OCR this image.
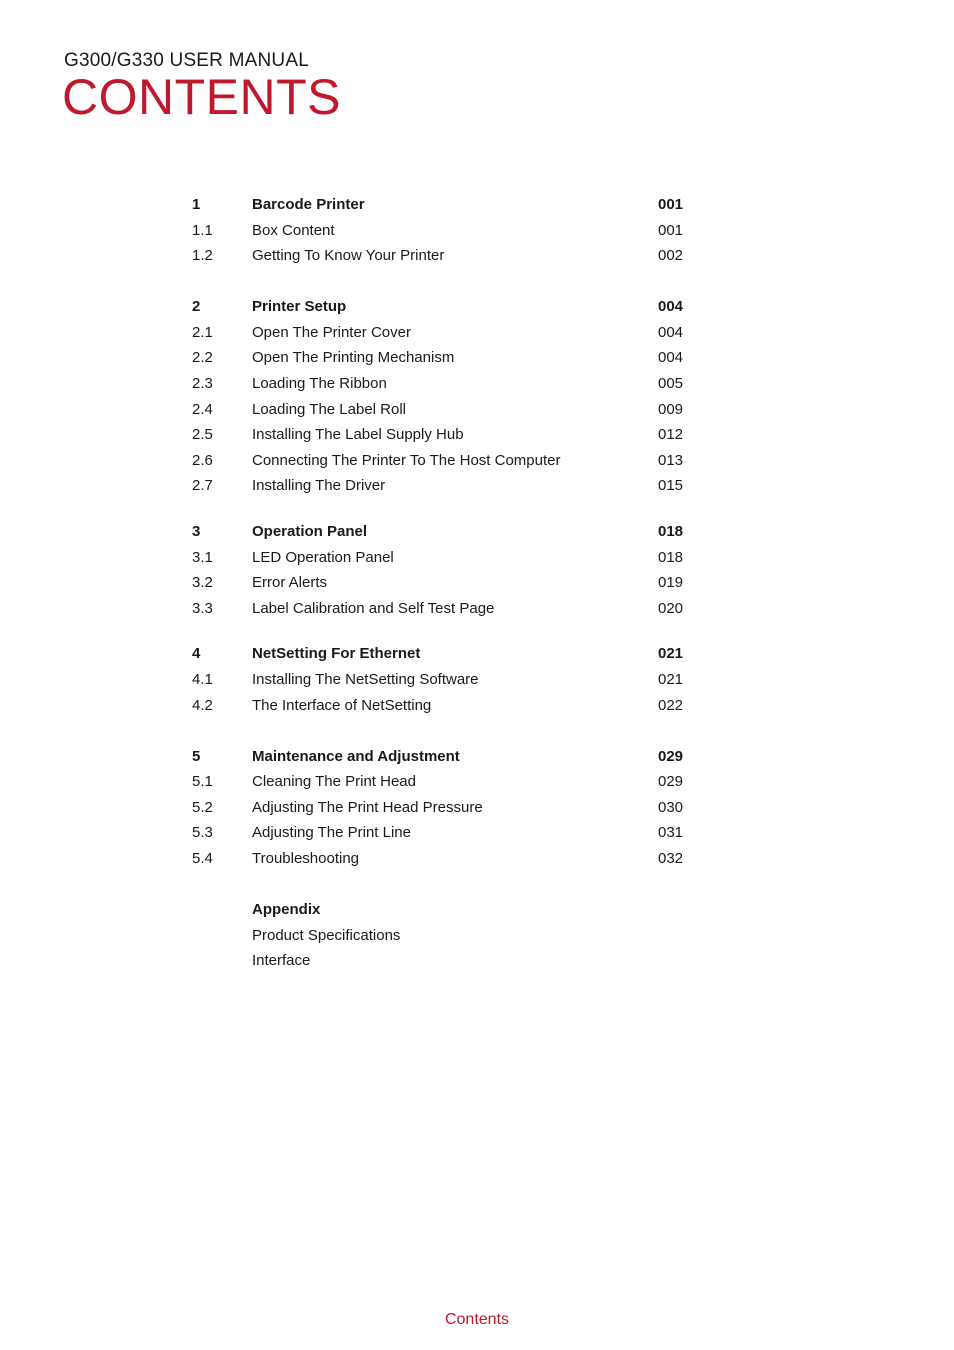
G300/G330 USER MANUAL
CONTENTS
1	Barcode Printer	001
1.1	Box Content	001
1.2	Getting To Know Your Printer	002
2	Printer Setup	004
2.1	Open The Printer Cover	004
2.2	Open The Printing Mechanism	004
2.3	Loading The Ribbon	005
2.4	Loading The Label Roll	009
2.5	Installing The Label Supply Hub	012
2.6	Connecting The Printer To The Host Computer	013
2.7	Installing The Driver	015
3	Operation Panel	018
3.1	LED Operation Panel	018
3.2	Error Alerts	019
3.3	Label Calibration and Self Test Page	020
4	NetSetting For Ethernet	021
4.1	Installing The NetSetting Software	021
4.2	The Interface of NetSetting	022
5	Maintenance and Adjustment	029
5.1	Cleaning The Print Head	029
5.2	Adjusting The Print Head Pressure	030
5.3	Adjusting The Print Line	031
5.4	Troubleshooting	032
Appendix
Product Specifications
Interface
Contents
